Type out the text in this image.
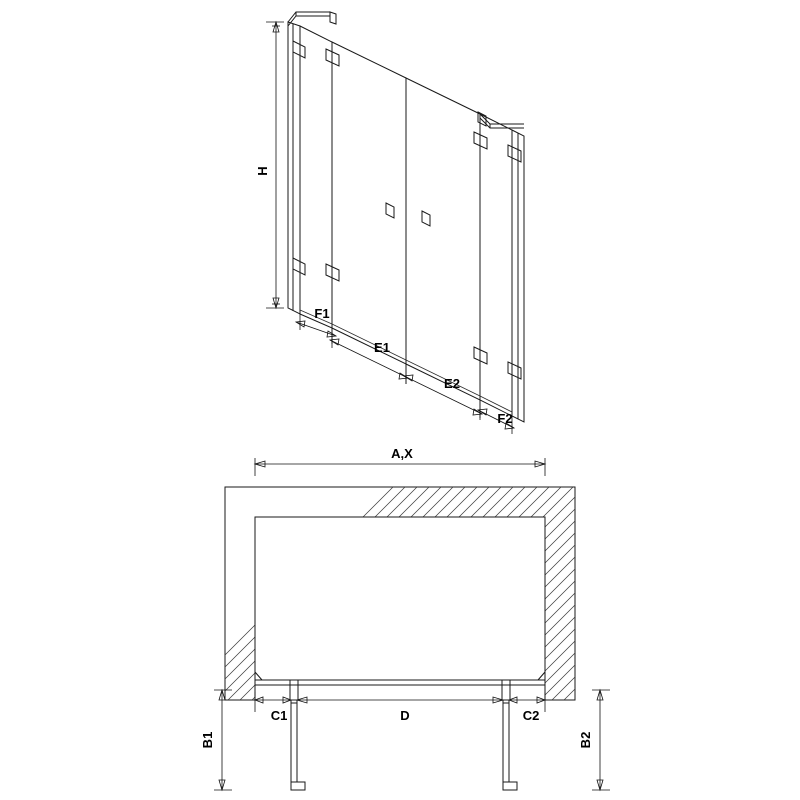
H
F1
E1
E2
F2
A,X
B1	B2
C1	D	C2
